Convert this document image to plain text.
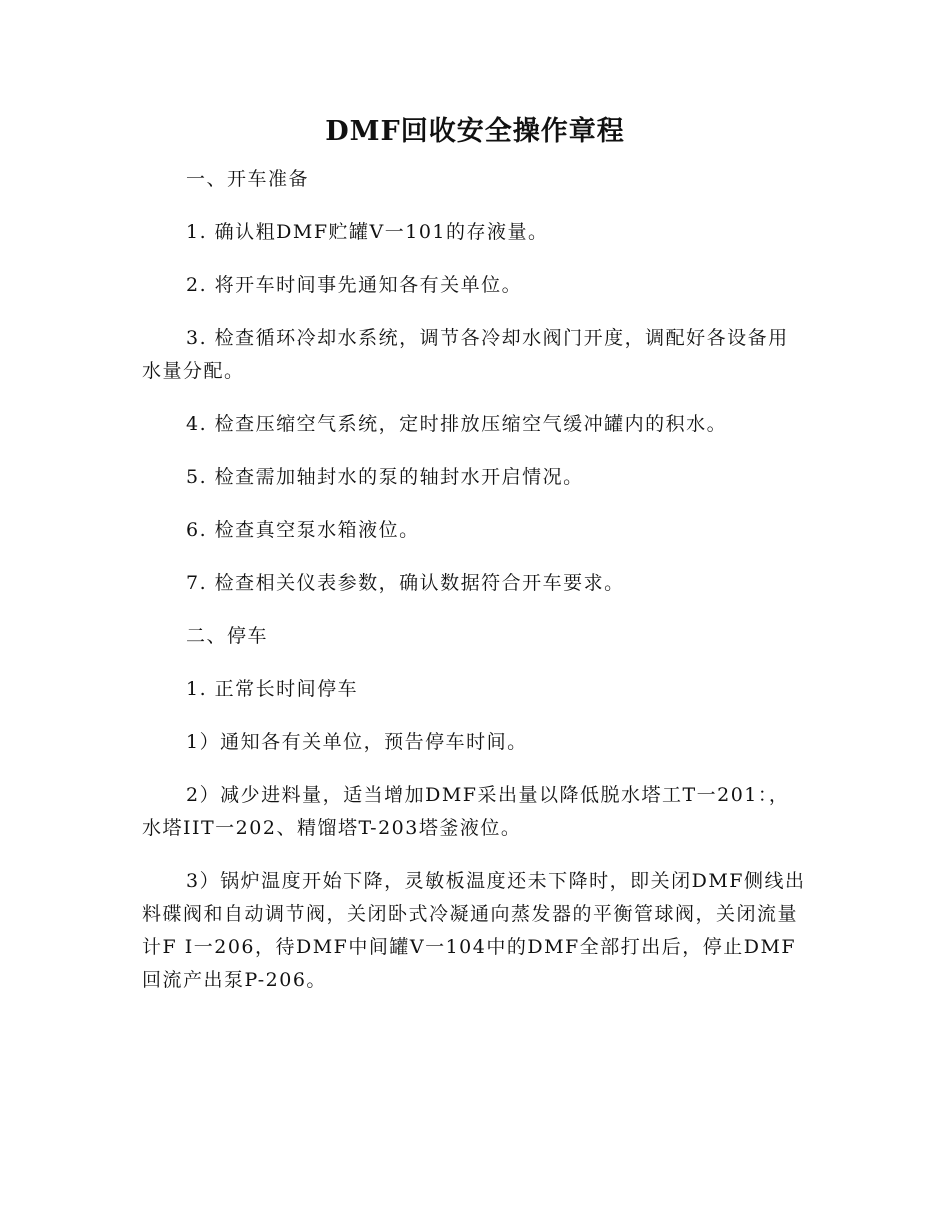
DMF回收安全操作章程

一、开车准备

1. 确认粗DMF贮罐V一101的存液量。

2. 将开车时间事先通知各有关单位。

3. 检查循环冷却水系统，调节各冷却水阀门开度，调配好各设备用水量分配。

4. 检查压缩空气系统，定时排放压缩空气缓冲罐内的积水。

5. 检查需加轴封水的泵的轴封水开启情况。

6. 检查真空泵水箱液位。

7. 检查相关仪表参数，确认数据符合开车要求。

二、停车

1. 正常长时间停车

1）通知各有关单位，预告停车时间。

2）减少进料量，适当增加DMF采出量以降低脱水塔工T一201：，水塔IIT一202、精馏塔T-203塔釜液位。

3）锅炉温度开始下降，灵敏板温度还未下降时，即关闭DMF侧线出料碟阀和自动调节阀，关闭卧式冷凝通向蒸发器的平衡管球阀，关闭流量计F I一206，待DMF中间罐V一104中的DMF全部打出后，停止DMF回流产出泵P-206。
